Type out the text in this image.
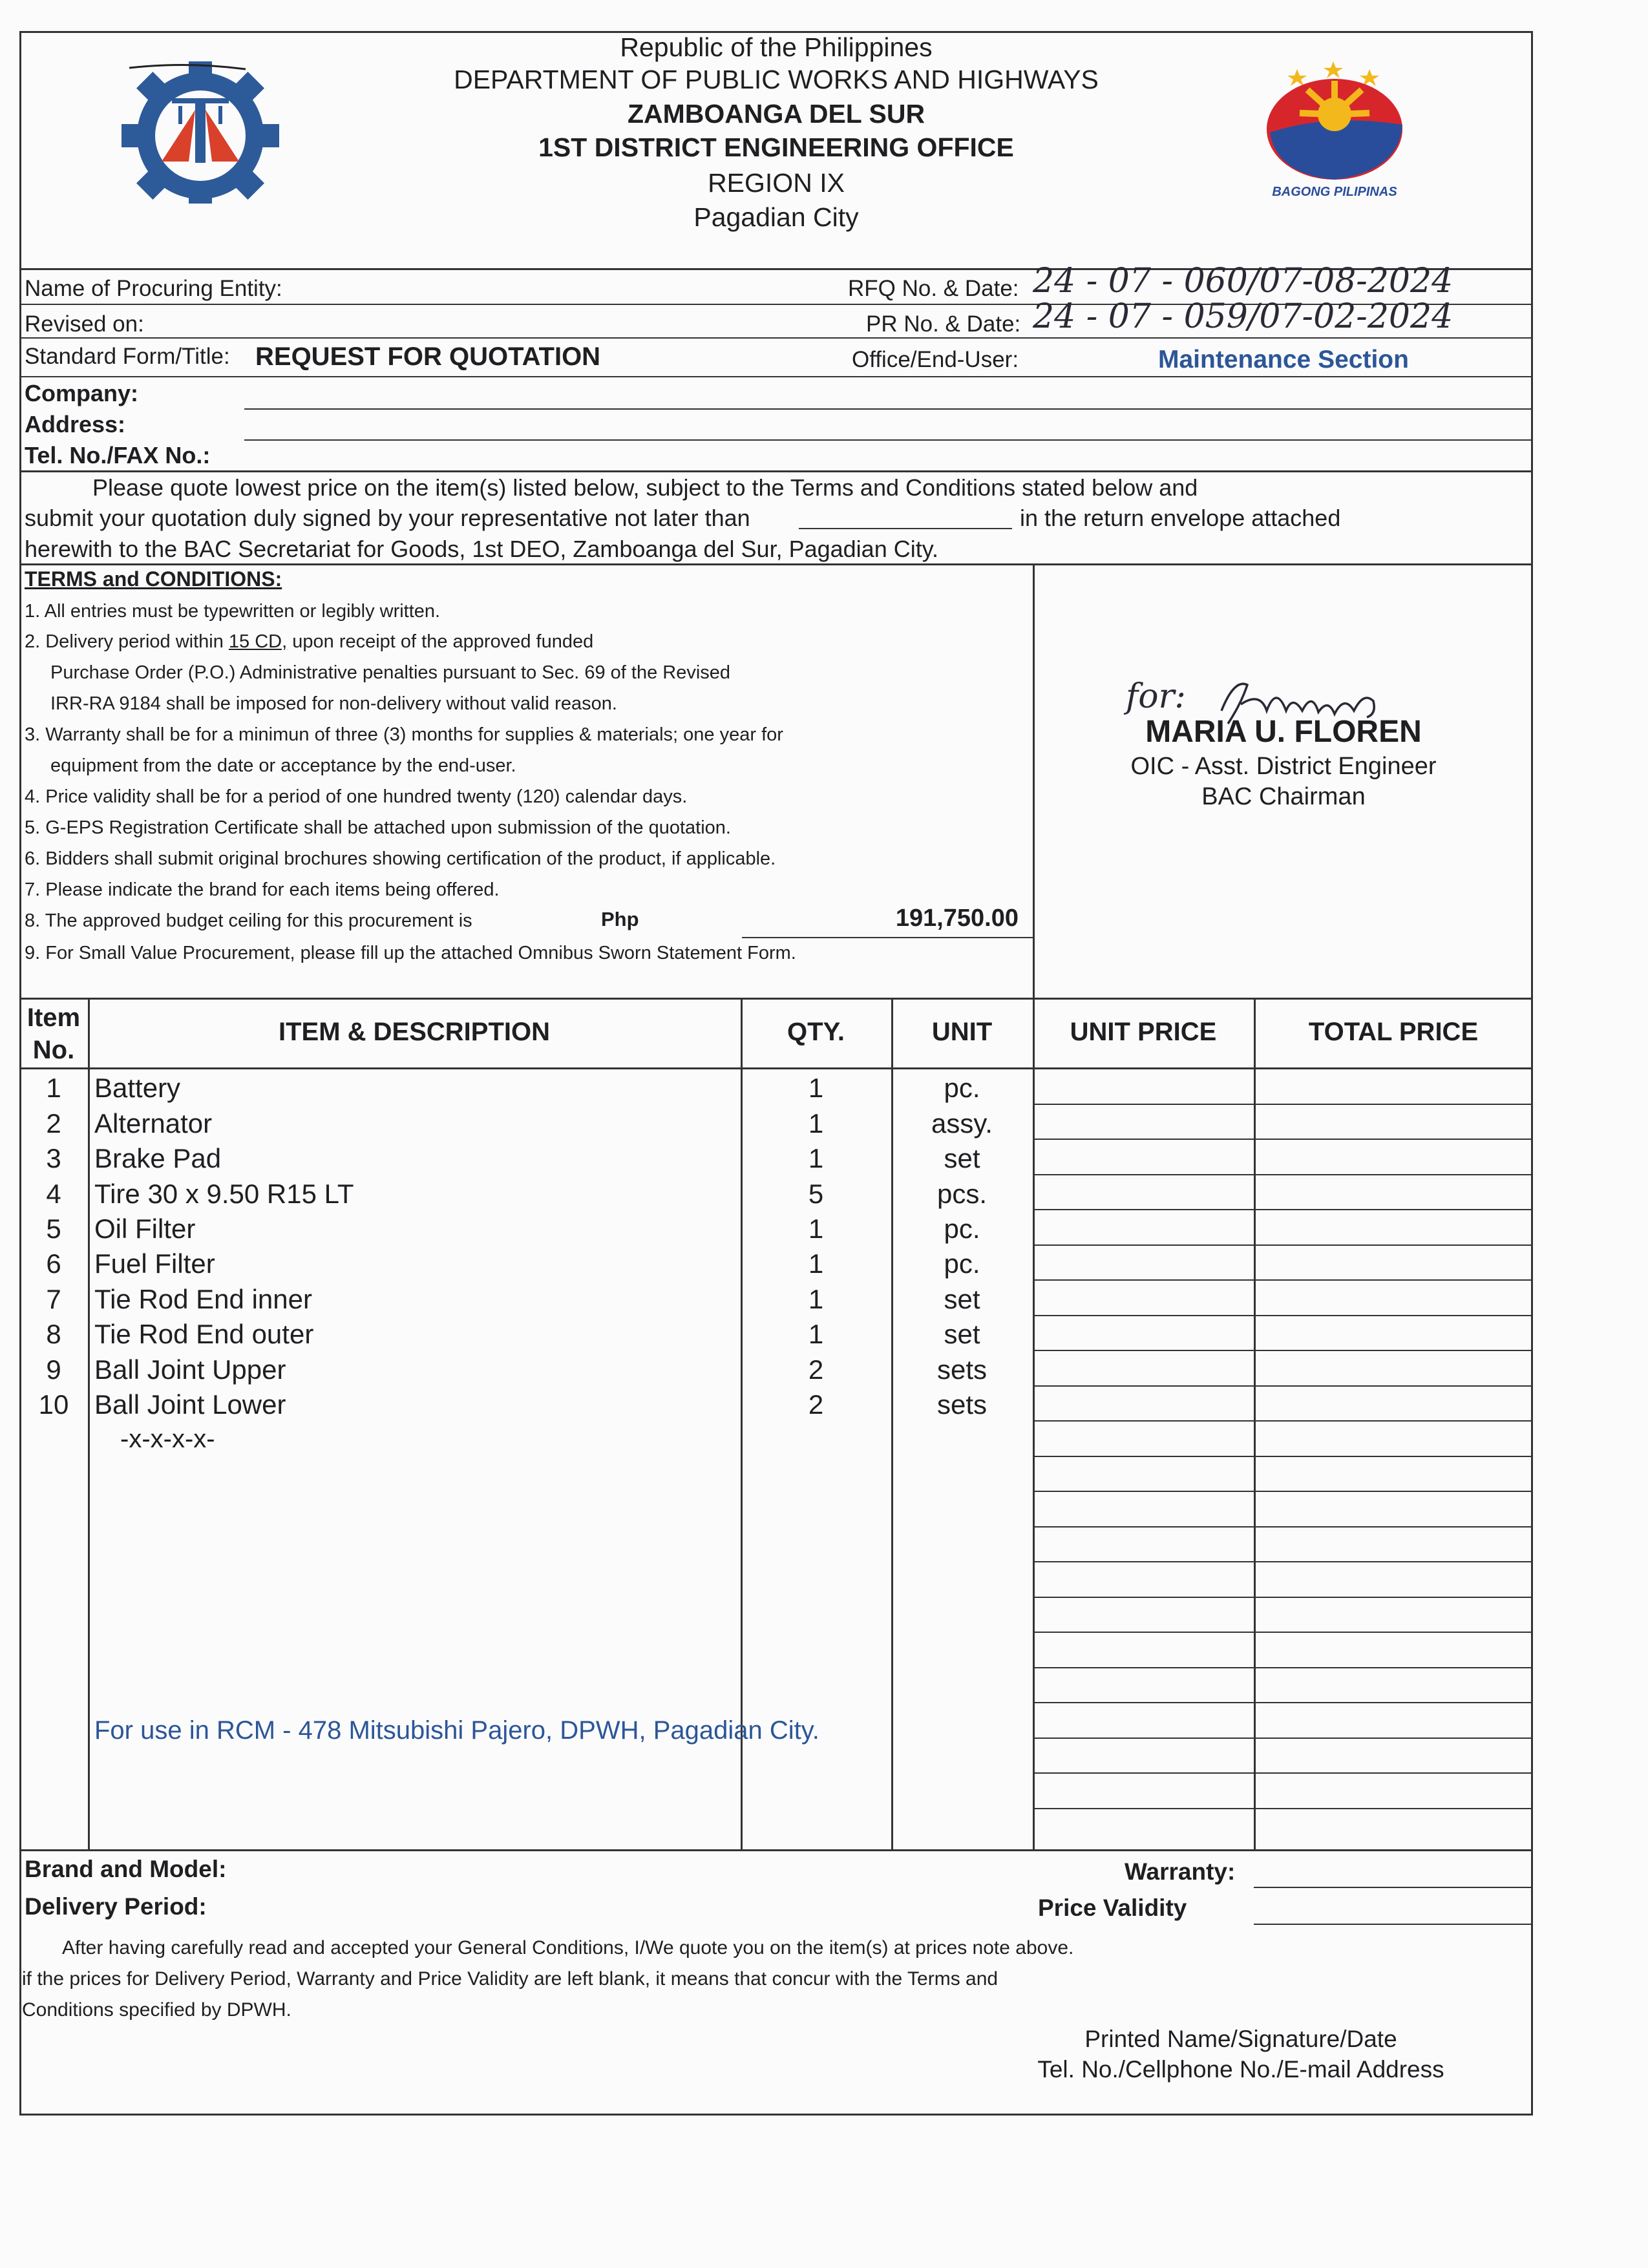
BAGONG PILIPINAS
Republic of the Philippines
DEPARTMENT OF PUBLIC WORKS AND HIGHWAYS
ZAMBOANGA DEL SUR
1ST DISTRICT ENGINEERING OFFICE
REGION IX
Pagadian City
Name of Procuring Entity:
Revised on:
Standard Form/Title: REQUEST FOR QUOTATION
RFQ No. & Date: 24 - 07 - 060/07-08-2024
PR No. & Date: 24 - 07 - 059/07-02-2024
Office/End-User:	Maintenance Section
Company:
Address:
Tel. No./FAX No.:
Please quote lowest price on the item(s) listed below, subject to the Terms and Conditions stated below and
submit your quotation duly signed by your representative not later than	in the return envelope attached
herewith to the BAC Secretariat for Goods, 1st DEO, Zamboanga del Sur, Pagadian City.
TERMS and CONDITIONS:
1. All entries must be typewritten or legibly written.
2. Delivery period within 15 CD, upon receipt of the approved funded
Purchase Order (P.O.) Administrative penalties pursuant to Sec. 69 of the Revised
IRR-RA 9184 shall be imposed for non-delivery without valid reason.
3. Warranty shall be for a minimun of three (3) months for supplies & materials; one year for
equipment from the date or acceptance by the end-user.
4. Price validity shall be for a period of one hundred twenty (120) calendar days.
5. G-EPS Registration Certificate shall be attached upon submission of the quotation.
6. Bidders shall submit original brochures showing certification of the product, if applicable.
7. Please indicate the brand for each items being offered.
8. The approved budget ceiling for this procurement is	Php	191,750.00
9. For Small Value Procurement, please fill up the attached Omnibus Sworn Statement Form.
for:
MARIA U. FLOREN
OIC - Asst. District Engineer
BAC Chairman
Item
No.
ITEM & DESCRIPTION	QTY.	UNIT	UNIT PRICE	TOTAL PRICE
1	Battery	1	pc.
2	Alternator	1	assy.
3	Brake Pad	1	set
4	Tire 30 x 9.50 R15 LT	5	pcs.
5	Oil Filter	1	pc.
6	Fuel Filter	1	pc.
7	Tie Rod End inner	1	set
8	Tie Rod End outer	1	set
9	Ball Joint Upper	2	sets
10 Ball Joint Lower	2	sets
-x-x-x-x-
For use in RCM - 478 Mitsubishi Pajero, DPWH, Pagadian City.
Brand and Model:
Delivery Period:
Warranty:
Price Validity
After having carefully read and accepted your General Conditions, I/We quote you on the item(s) at prices note above.
if the prices for Delivery Period, Warranty and Price Validity are left blank, it means that concur with the Terms and
Conditions specified by DPWH.
Printed Name/Signature/Date
Tel. No./Cellphone No./E-mail Address
